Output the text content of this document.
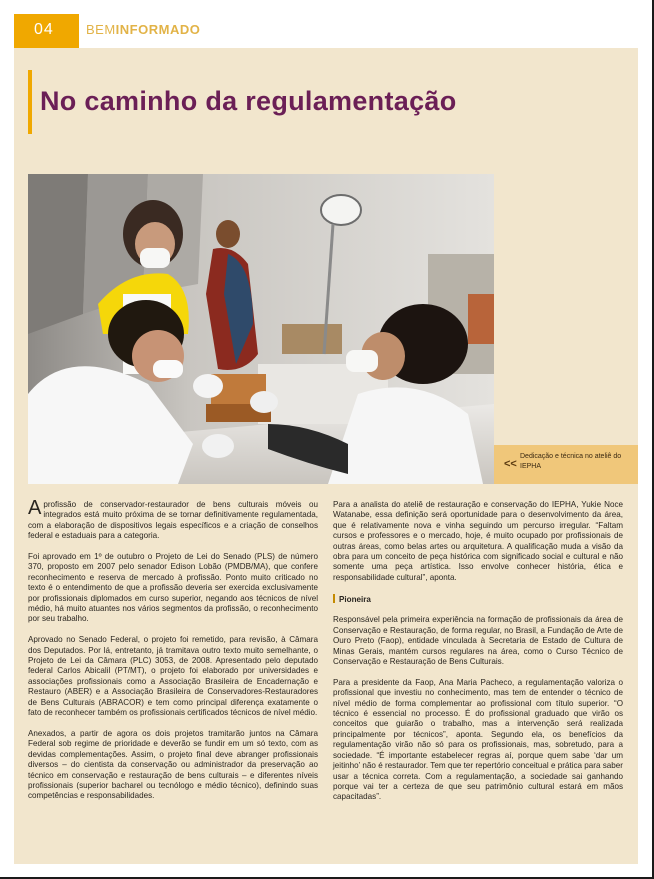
04	BEMINFORMADO
No caminho da regulamentação
<<
Dedicação e técnica no ateliê do IEPHA

A profissão de conservador-restaurador de bens culturais móveis ou integrados está muito próxima de se tornar definitivamente regulamentada, com a elaboração de dispositivos legais específicos e a criação de conselhos federal e estaduais para a categoria.

Foi aprovado em 1º de outubro o Projeto de Lei do Senado (PLS) de número 370, proposto em 2007 pelo senador Edison Lobão (PMDB/MA), que confere reconhecimento e reserva de mercado à profissão. Ponto muito criticado no texto é o entendimento de que a profissão deveria ser exercida exclusivamente por profissionais diplomados em curso superior, negando aos técnicos de nível médio, há muito atuantes nos vários segmentos da profissão, o reconhecimento por seu trabalho.

Aprovado no Senado Federal, o projeto foi remetido, para revisão, à Câmara dos Deputados. Por lá, entretanto, já tramitava outro texto muito semelhante, o Projeto de Lei da Câmara (PLC) 3053, de 2008. Apresentado pelo deputado federal Carlos Abicalil (PT/MT), o projeto foi elaborado por universidades e associações profissionais como a Associação Brasileira de Encadernação e Restauro (ABER) e a Associação Brasileira de Conservadores-Restauradores de Bens Culturais (ABRACOR) e tem como principal diferença exatamente o fato de reconhecer também os profissionais certificados técnicos de nível médio.

Anexados, a partir de agora os dois projetos tramitarão juntos na Câmara Federal sob regime de prioridade e deverão se fundir em um só texto, com as devidas complementações. Assim, o projeto final deve abranger profissionais diversos – do cientista da conservação ou administrador da preservação ao técnico em conservação e restauração de bens culturais – e diferentes níveis profissionais (superior bacharel ou tecnólogo e médio técnico), definindo suas competências e responsabilidades.

Para a analista do ateliê de restauração e conservação do IEPHA, Yukie Noce Watanabe, essa definição será oportunidade para o desenvolvimento da área, que é relativamente nova e vinha seguindo um percurso irregular. “Faltam cursos e professores e o mercado, hoje, é muito ocupado por profissionais de outras áreas, como belas artes ou arquitetura. A qualificação muda a visão da obra para um conceito de peça histórica com significado social e cultural e não somente uma peça artística. Isso envolve conhecer história, ética e responsabilidade cultural”, aponta.

Pioneira

Responsável pela primeira experiência na formação de profissionais da área de Conservação e Restauração, de forma regular, no Brasil, a Fundação de Arte de Ouro Preto (Faop), entidade vinculada à Secretaria de Estado de Cultura de Minas Gerais, mantém cursos regulares na área, como o Curso Técnico de Conservação e Restauração de Bens Culturais.

Para a presidente da Faop, Ana Maria Pacheco, a regulamentação valoriza o profissional que investiu no conhecimento, mas tem de entender o técnico de nível médio de forma complementar ao profissional com título superior. “O técnico é essencial no processo. É do profissional graduado que virão os conceitos que guiarão o trabalho, mas a intervenção será realizada principalmente por técnicos”, aponta. Segundo ela, os benefícios da regulamentação virão não só para os profissionais, mas, sobretudo, para a sociedade. “É importante estabelecer regras aí, porque quem sabe ‘dar um jeitinho’ não é restaurador. Tem que ter repertório conceitual e prática para saber usar a técnica correta. Com a regulamentação, a sociedade sai ganhando porque vai ter a certeza de que seu patrimônio cultural estará em mãos capacitadas”.
